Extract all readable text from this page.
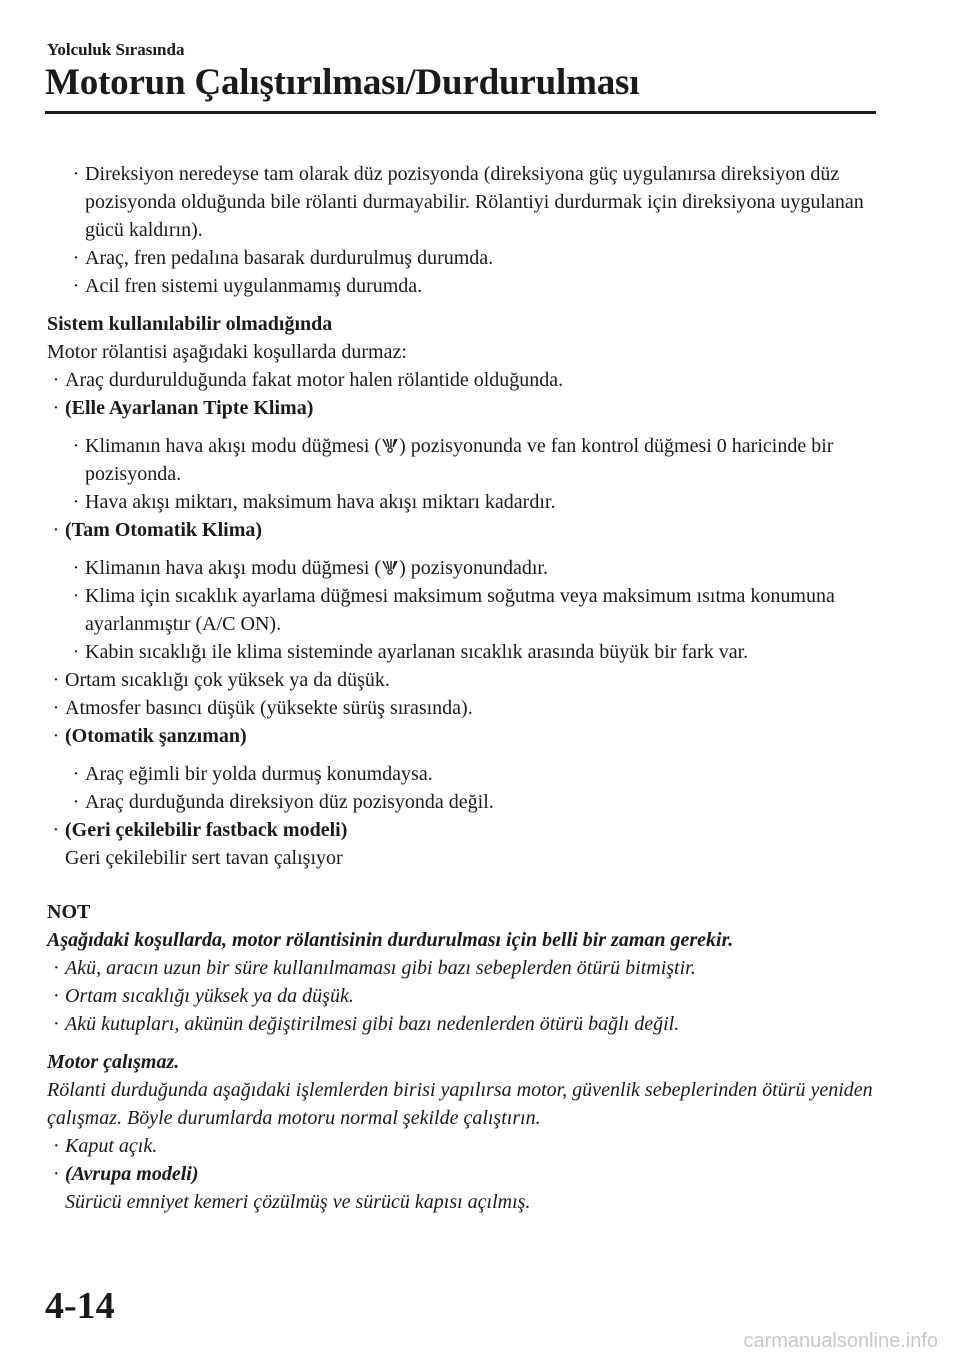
Yolculuk Sırasında
Motorun Çalıştırılması/Durdurulması
· Direksiyon neredeyse tam olarak düz pozisyonda (direksiyona güç uygulanırsa direksiyon düz pozisyonda olduğunda bile rölanti durmayabilir. Rölantiyi durdurmak için direksiyona uygulanan gücü kaldırın).
· Araç, fren pedalına basarak durdurulmuş durumda.
· Acil fren sistemi uygulanmamış durumda.

Sistem kullanılabilir olmadığında

Motor rölantisi aşağıdaki koşullarda durmaz:

· Araç durdurulduğunda fakat motor halen rölantide olduğunda.
· (Elle Ayarlanan Tipte Klima)
· Klimanın hava akışı modu düğmesi ( ) pozisyonunda ve fan kontrol düğmesi 0 haricinde bir pozisyonda.
· Hava akışı miktarı, maksimum hava akışı miktarı kadardır.
· (Tam Otomatik Klima)
· Klimanın hava akışı modu düğmesi ( ) pozisyonundadır.
· Klima için sıcaklık ayarlama düğmesi maksimum soğutma veya maksimum ısıtma konumuna ayarlanmıştır (A/C ON).
· Kabin sıcaklığı ile klima sisteminde ayarlanan sıcaklık arasında büyük bir fark var.
· Ortam sıcaklığı çok yüksek ya da düşük.
· Atmosfer basıncı düşük (yüksekte sürüş sırasında).
· (Otomatik şanzıman)
· Araç eğimli bir yolda durmuş konumdaysa.
· Araç durduğunda direksiyon düz pozisyonda değil.
· (Geri çekilebilir fastback modeli)

Geri çekilebilir sert tavan çalışıyor

NOT

Aşağıdaki koşullarda, motor rölantisinin durdurulması için belli bir zaman gerekir.

· Akü, aracın uzun bir süre kullanılmaması gibi bazı sebeplerden ötürü bitmiştir.
· Ortam sıcaklığı yüksek ya da düşük.
· Akü kutupları, akünün değiştirilmesi gibi bazı nedenlerden ötürü bağlı değil.

Motor çalışmaz.

Rölanti durduğunda aşağıdaki işlemlerden birisi yapılırsa motor, güvenlik sebeplerinden ötürü yeniden çalışmaz. Böyle durumlarda motoru normal şekilde çalıştırın.

· Kaput açık.
· (Avrupa modeli)

Sürücü emniyet kemeri çözülmüş ve sürücü kapısı açılmış.

4-14
carmanualsonline.info
